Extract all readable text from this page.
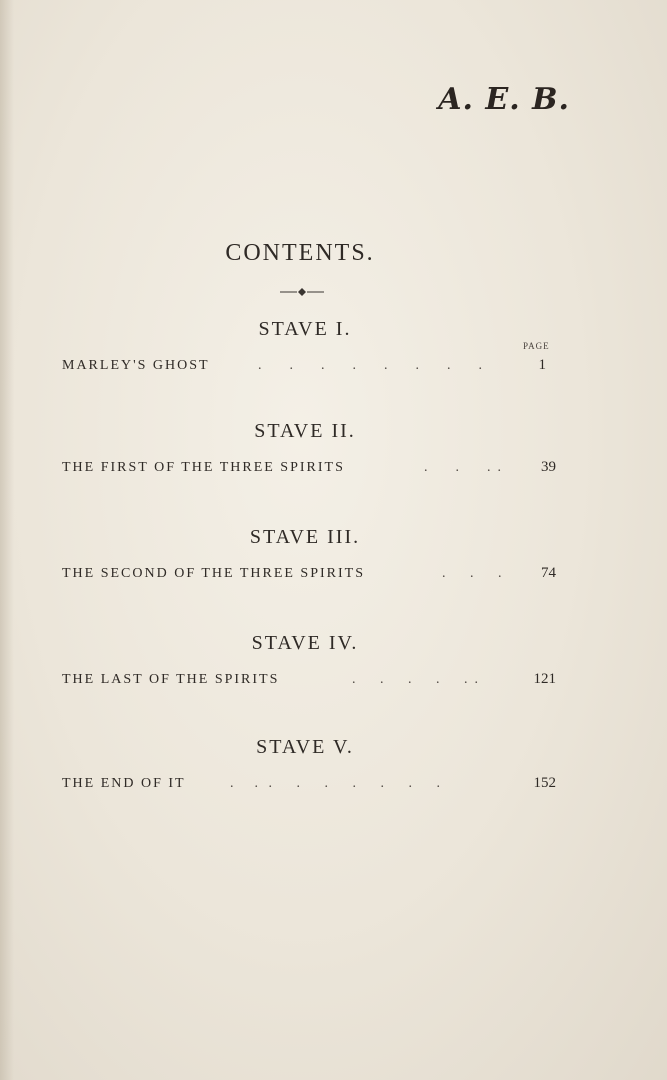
A. E. B.
CONTENTS.
STAVE I.
PAGE
MARLEY'S GHOST	.        .        .        .        .        .        .        .	1
STAVE II.
THE FIRST OF THE THREE SPIRITS	.        .        .  .	39
STAVE III.
THE SECOND OF THE THREE SPIRITS	.       .       .	74
STAVE IV.
THE LAST OF THE SPIRITS	.       .       .       .       .  .	121
STAVE V.
THE END OF IT	.      .   .       .       .       .       .       .       .	152
